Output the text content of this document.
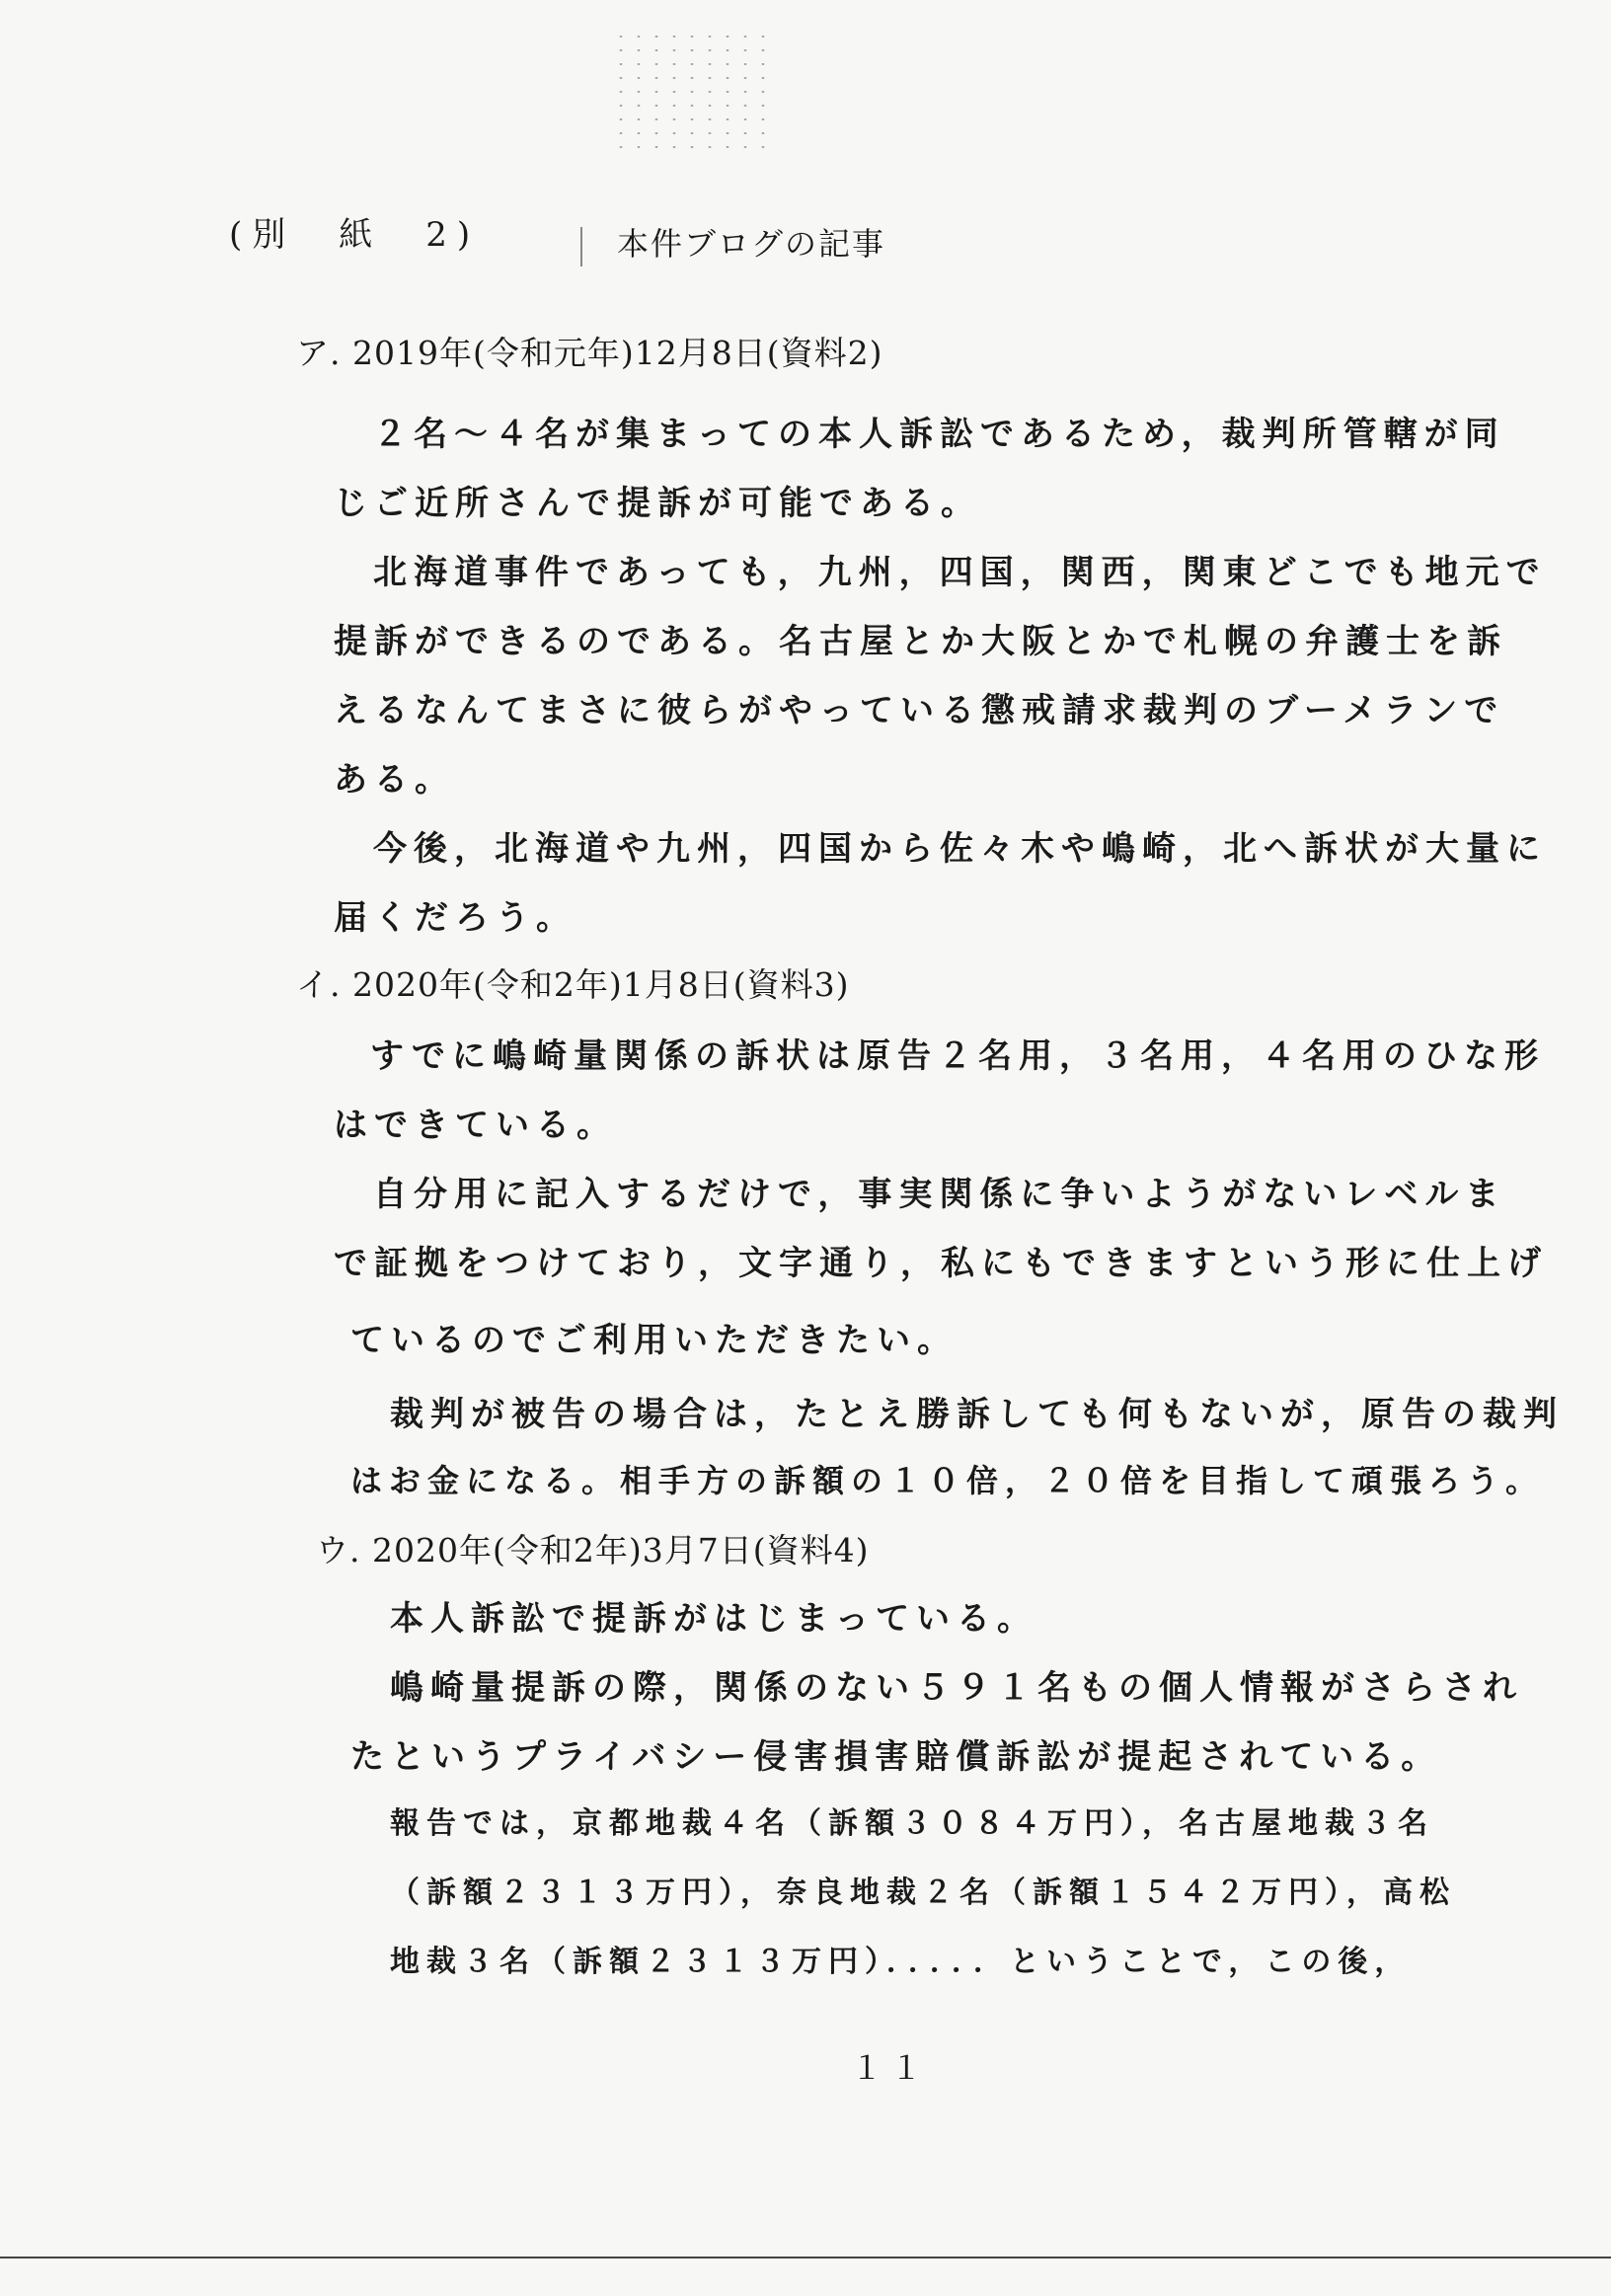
(別　紙　2)	本件ブログの記事
ア. 2019年(令和元年)12月8日(資料2)
２名～４名が集まっての本人訴訟であるため，裁判所管轄が同
じご近所さんで提訴が可能である。
北海道事件であっても，九州，四国，関西，関東どこでも地元で
提訴ができるのである。名古屋とか大阪とかで札幌の弁護士を訴
えるなんてまさに彼らがやっている懲戒請求裁判のブーメランで
ある。
今後，北海道や九州，四国から佐々木や嶋崎，北へ訴状が大量に
届くだろう。
イ. 2020年(令和2年)1月8日(資料3)
すでに嶋崎量関係の訴状は原告２名用，３名用，４名用のひな形
はできている。
自分用に記入するだけで，事実関係に争いようがないレベルま
で証拠をつけており，文字通り，私にもできますという形に仕上げ
ているのでご利用いただきたい。
裁判が被告の場合は，たとえ勝訴しても何もないが，原告の裁判
はお金になる。相手方の訴額の１０倍，２０倍を目指して頑張ろう。
ウ. 2020年(令和2年)3月7日(資料4)
本人訴訟で提訴がはじまっている。
嶋崎量提訴の際，関係のない５９１名もの個人情報がさらされ
たというプライバシー侵害損害賠償訴訟が提起されている。
報告では，京都地裁４名（訴額３０８４万円），名古屋地裁３名
（訴額２３１３万円），奈良地裁２名（訴額１５４２万円），高松
地裁３名（訴額２３１３万円）．．．．．ということで，この後，
１１
